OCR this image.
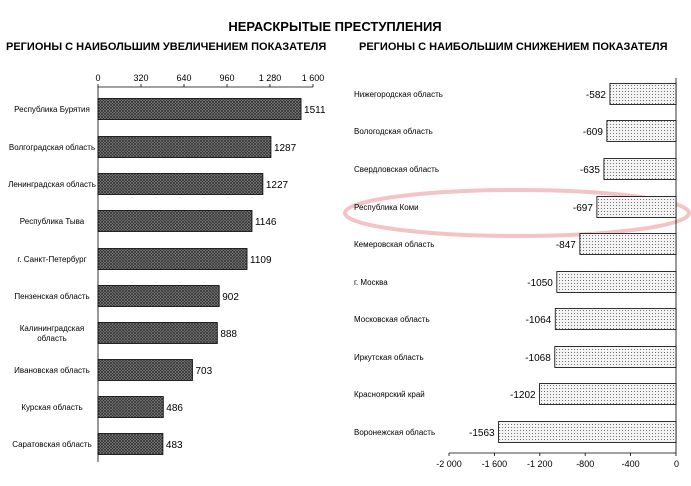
НЕРАСКРЫТЫЕ ПРЕСТУПЛЕНИЯ
РЕГИОНЫ С НАИБОЛЬШИМ УВЕЛИЧЕНИЕМ ПОКАЗАТЕЛЯ
0	320	640	960	1 280 1 600
1511
Республика Бурятия
1287
Волгоградская область
1227
Ленинградская область
1146
Республика Тыва
1109
г. Санкт-Петербург
902
Пензенская область
888
Калининградская
область
703
Ивановская область
486
Курская область
483
Саратовская область
РЕГИОНЫ С НАИБОЛЬШИМ СНИЖЕНИЕМ ПОКАЗАТЕЛЯ
-2 000 -1 600 -1 200	-800	-400	0
-582
Нижегородская область
-609
Вологодская область
-635
Свердловская область
-697
Республика Коми
-847
Кемеровская область
-1050
г. Москва
-1064
Московская область
-1068
Иркутская область
-1202
Красноярский край
-1563
Воронежская область
